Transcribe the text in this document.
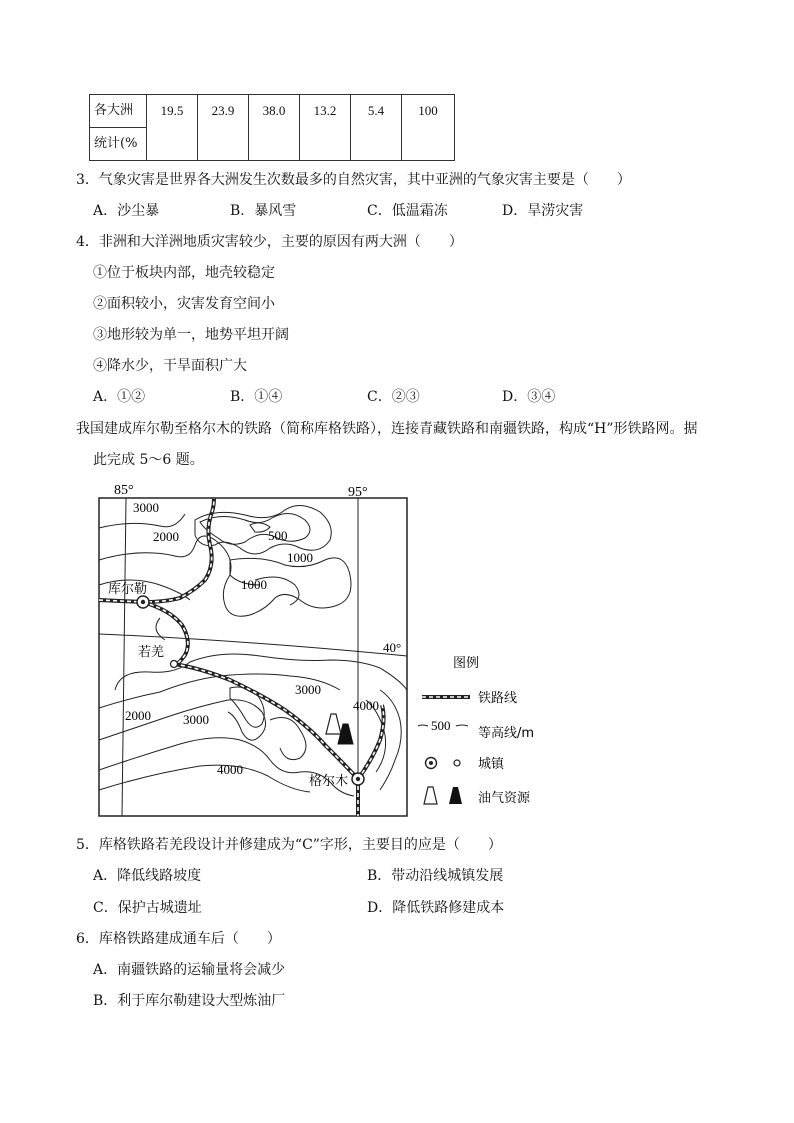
各大洲	19.5	23.9	38.0	13.2	5.4	100

统计(%
3．气象灾害是世界各大洲发生次数最多的自然灾害，其中亚洲的气象灾害主要是（　　）
A．沙尘暴	B．暴风雪	C．低温霜冻	D．旱涝灾害
4．非洲和大洋洲地质灾害较少，主要的原因有两大洲（　　）
①位于板块内部，地壳较稳定
②面积较小，灾害发育空间小
③地形较为单一，地势平坦开阔
④降水少，干旱面积广大
A．①②	B．①④	C．②③	D．③④
我国建成库尔勒至格尔木的铁路（简称库格铁路），连接青藏铁路和南疆铁路，构成“H”形铁路网。据
此完成 5～6 题。
85°	95°
40°
3000
2000	500
1000
1000
2000 3000
3000
4000
4000
库尔勒
若羌
格尔木
图例
铁路线
500
等高线/m
城镇
油气资源
5．库格铁路若羌段设计并修建成为“C”字形，主要目的应是（　　）
A．降低线路坡度	B．带动沿线城镇发展
C．保护古城遗址	D．降低铁路修建成本
6．库格铁路建成通车后（　　）
A．南疆铁路的运输量将会减少
B．利于库尔勒建设大型炼油厂
